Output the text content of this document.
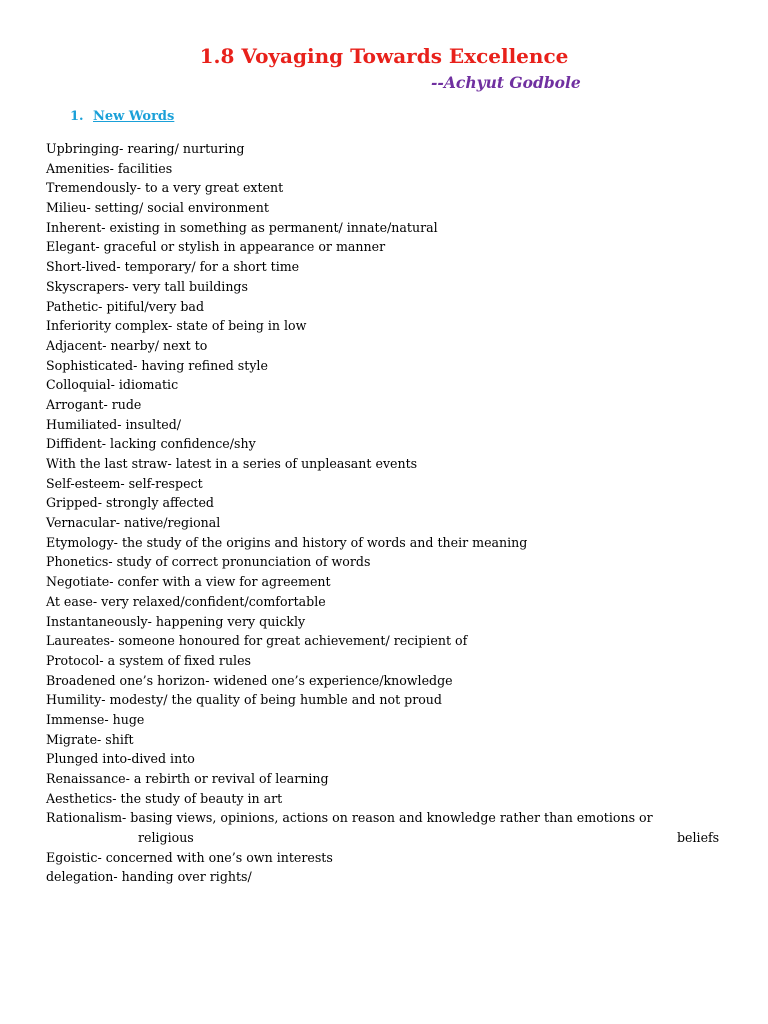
1.8 Voyaging Towards Excellence

--Achyut Godbole

1. New Words

Upbringing- rearing/ nurturing
Amenities- facilities
Tremendously- to a very great extent
Milieu- setting/ social environment
Inherent- existing in something as permanent/ innate/natural
Elegant- graceful or stylish in appearance or manner
Short-lived- temporary/ for a short time
Skyscrapers- very tall buildings
Pathetic- pitiful/very bad
Inferiority complex- state of being in low
Adjacent- nearby/ next to
Sophisticated- having refined style
Colloquial- idiomatic
Arrogant- rude
Humiliated- insulted/
Diffident- lacking confidence/shy
With the last straw- latest in a series of unpleasant events
Self-esteem- self-respect
Gripped- strongly affected
Vernacular- native/regional
Etymology- the study of the origins and history of words and their meaning
Phonetics- study of correct pronunciation of words
Negotiate- confer with a view for agreement
At ease- very relaxed/confident/comfortable
Instantaneously- happening very quickly
Laureates- someone honoured for great achievement/ recipient of
Protocol- a system of fixed rules
Broadened one’s horizon- widened one’s experience/knowledge
Humility- modesty/ the quality of being humble and not proud
Immense- huge
Migrate- shift
Plunged into-dived into
Renaissance- a rebirth or revival of learning
Aesthetics- the study of beauty in art
Rationalism- basing views, opinions, actions on reason and knowledge rather than emotions or
religious	beliefs
Egoistic- concerned with one’s own interests
delegation- handing over rights/
